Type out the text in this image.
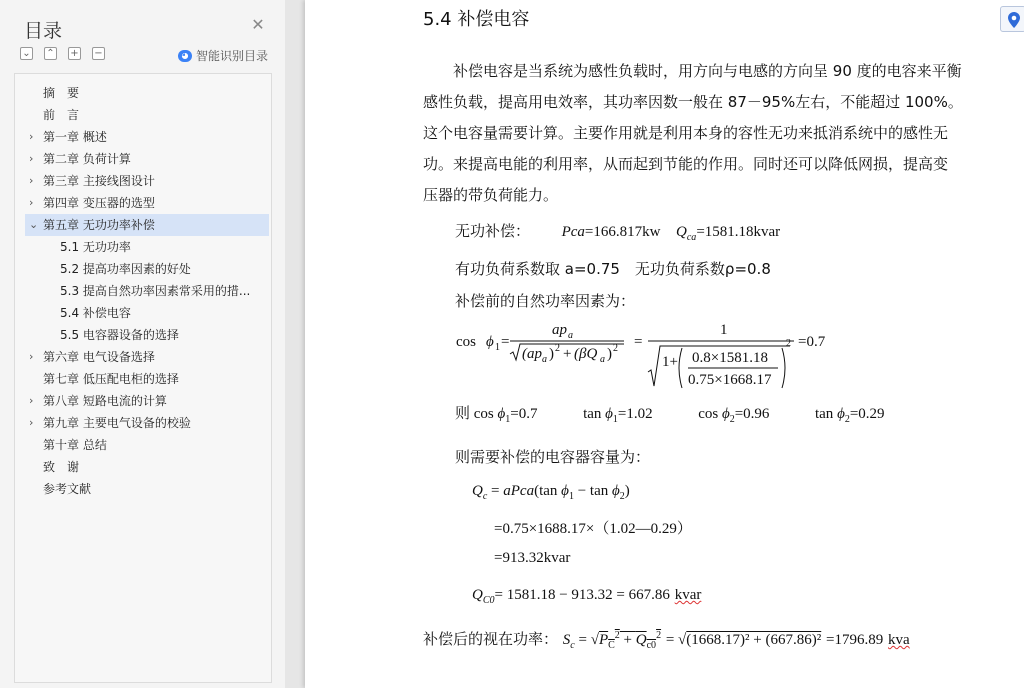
目录	✕
⌄ ⌃ + −	◕ 智能识别目录
摘　要
前　言
› 第一章 概述
› 第二章 负荷计算
› 第三章 主接线图设计
› 第四章 变压器的选型
⌄ 第五章 无功功率补偿
5.1 无功功率
5.2 提高功率因素的好处
5.3 提高自然功率因素常采用的措...
5.4 补偿电容
5.5 电容器设备的选择
› 第六章 电气设备选择
第七章 低压配电柜的选择
› 第八章 短路电流的计算
› 第九章 主要电气设备的校验
第十章 总结
致　谢
参考文献
5.4 补偿电容
　　补偿电容是当系统为感性负载时，用方向与电感的方向呈 90 度的电容来平衡
感性负载，提高用电效率，其功率因数一般在 87－95%左右，不能超过 100%。
这个电容量需要计算。主要作用就是利用本身的容性无功来抵消系统中的感性无
功。来提高电能的利用率，从而起到节能的作用。同时还可以降低网损，提高变
压器的带负荷能力。
无功补偿： Pca=166.817kw $Q_{ca}=1581.18kvar$
有功负荷系数取 a=0.75　无功负荷系数ρ=0.8
补偿前的自然功率因素为：
cos ϕ 1 =
ap a
(ap a ) 2 + (βQ a ) 2 =
1
1+ 0.8×1581.18
0.75×1668.17
2 =0.7
则 $\cos \phi_1=0.7$	$\tan \phi_1=1.02$	$\cos \phi_2=0.96$	$\tan \phi_2=0.29$
则需要补偿的电容器容量为：
$Q_c$ = aPca(tan $\phi_1 - \tan \phi_2$)
=0.75×1688.17×（1.02—0.29）
=913.32kvar
$Q_{C0}= 1581.18 - 913.32 = 667.86$ kvar
补偿后的视在功率： $S_c = √P_C^2 + Q_{c0}^2 = √(1668.17)^2 + (667.86)^2 =1796.89$ kva
